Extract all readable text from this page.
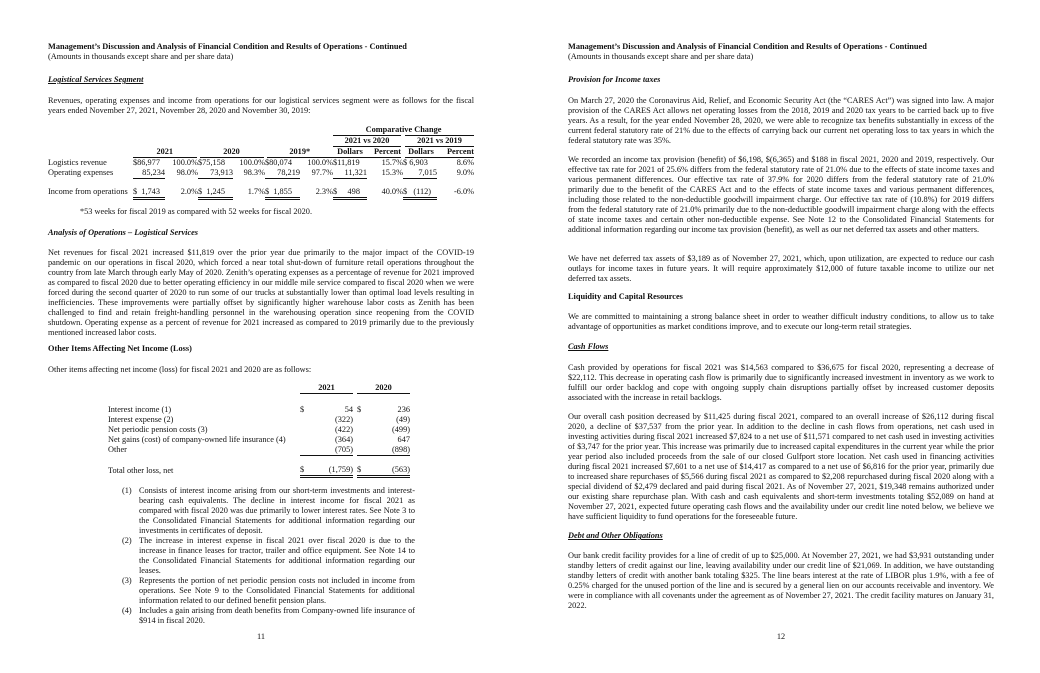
Management’s Discussion and Analysis of Financial Condition and Results of Operations - Continued
(Amounts in thousands except share and per share data)
Logistical Services Segment

Revenues, operating expenses and income from operations for our logistical services segment were as follows for the fiscal years ended November 27, 2021, November 28, 2020 and November 30, 2019:

							Comparative Change			
							2021 vs 2020		2021 vs 2019	
	2021		2020		2019*		Dollars	Percent	Dollars	Percent
Logistics revenue	$86,977	100.0%	$75,158	100.0%	$80,074	100.0%	$11,819	15.7%	$ 6,903	8.6%
Operating expenses	85,234	98.0%	73,913	98.3%	78,219	97.7%	11,321	15.3%	7,015	9.0%

Income from operations	$  1,743	2.0%	$  1,245	1.7%	$  1,855	2.3%	$     498	40.0%	$   (112)	-6.0%
*53 weeks for fiscal 2019 as compared with 52 weeks for fiscal 2020.
Analysis of Operations – Logistical Services

Net revenues for fiscal 2021 increased $11,819 over the prior year due primarily to the major impact of the COVID-19 pandemic on our operations in fiscal 2020, which forced a near total shut-down of furniture retail operations throughout the country from late March through early May of 2020. Zenith’s operating expenses as a percentage of revenue for 2021 improved as compared to fiscal 2020 due to better operating efficiency in our middle mile service compared to fiscal 2020 when we were forced during the second quarter of 2020 to run some of our trucks at substantially lower than optimal load levels resulting in inefficiencies. These improvements were partially offset by significantly higher warehouse labor costs as Zenith has been challenged to find and retain freight-handling personnel in the warehousing operation since reopening from the COVID shutdown. Operating expense as a percent of revenue for 2021 increased as compared to 2019 primarily due to the previously mentioned increased labor costs.

Other Items Affecting Net Income (Loss)
Other items affecting net income (loss) for fiscal 2021 and 2020 are as follows:
	2021			2020	

Interest income (1)	$	54		$	236
Interest expense (2)		(322)			(49)
Net periodic pension costs (3)		(422)			(499)
Net gains (cost) of company-owned life insurance (4)		(364)			647
Other		(705)			(898)

Total other loss, net	$	(1,759)		$	(563)
(1) Consists of interest income arising from our short-term investments and interest-bearing cash equivalents. The decline in interest income for fiscal 2021 as compared with fiscal 2020 was due primarily to lower interest rates. See Note 3 to the Consolidated Financial Statements for additional information regarding our investments in certificates of deposit.

(2) The increase in interest expense in fiscal 2021 over fiscal 2020 is due to the increase in finance leases for tractor, trailer and office equipment. See Note 14 to the Consolidated Financial Statements for additional information regarding our leases.

(3) Represents the portion of net periodic pension costs not included in income from operations. See Note 9 to the Consolidated Financial Statements for additional information related to our defined benefit pension plans.

(4) Includes a gain arising from death benefits from Company-owned life insurance of $914 in fiscal 2020.

11
Management’s Discussion and Analysis of Financial Condition and Results of Operations - Continued
(Amounts in thousands except share and per share data)
Provision for Income taxes

On March 27, 2020 the Coronavirus Aid, Relief, and Economic Security Act (the “CARES Act”) was signed into law. A major provision of the CARES Act allows net operating losses from the 2018, 2019 and 2020 tax years to be carried back up to five years. As a result, for the year ended November 28, 2020, we were able to recognize tax benefits substantially in excess of the current federal statutory rate of 21% due to the effects of carrying back our current net operating loss to tax years in which the federal statutory rate was 35%.

We recorded an income tax provision (benefit) of $6,198, $(6,365) and $188 in fiscal 2021, 2020 and 2019, respectively. Our effective tax rate for 2021 of 25.6% differs from the federal statutory rate of 21.0% due to the effects of state income taxes and various permanent differences. Our effective tax rate of 37.9% for 2020 differs from the federal statutory rate of 21.0% primarily due to the benefit of the CARES Act and to the effects of state income taxes and various permanent differences, including those related to the non-deductible goodwill impairment charge. Our effective tax rate of (10.8%) for 2019 differs from the federal statutory rate of 21.0% primarily due to the non-deductible goodwill impairment charge along with the effects of state income taxes and certain other non-deductible expense. See Note 12 to the Consolidated Financial Statements for additional information regarding our income tax provision (benefit), as well as our net deferred tax assets and other matters.

We have net deferred tax assets of $3,189 as of November 27, 2021, which, upon utilization, are expected to reduce our cash outlays for income taxes in future years. It will require approximately $12,000 of future taxable income to utilize our net deferred tax assets.

Liquidity and Capital Resources

We are committed to maintaining a strong balance sheet in order to weather difficult industry conditions, to allow us to take advantage of opportunities as market conditions improve, and to execute our long-term retail strategies.

Cash Flows

Cash provided by operations for fiscal 2021 was $14,563 compared to $36,675 for fiscal 2020, representing a decrease of $22,112. This decrease in operating cash flow is primarily due to significantly increased investment in inventory as we work to fulfill our order backlog and cope with ongoing supply chain disruptions partially offset by increased customer deposits associated with the increase in retail backlogs.

Our overall cash position decreased by $11,425 during fiscal 2021, compared to an overall increase of $26,112 during fiscal 2020, a decline of $37,537 from the prior year. In addition to the decline in cash flows from operations, net cash used in investing activities during fiscal 2021 increased $7,824 to a net use of $11,571 compared to net cash used in investing activities of $3,747 for the prior year. This increase was primarily due to increased capital expenditures in the current year while the prior year period also included proceeds from the sale of our closed Gulfport store location. Net cash used in financing activities during fiscal 2021 increased $7,601 to a net use of $14,417 as compared to a net use of $6,816 for the prior year, primarily due to increased share repurchases of $5,566 during fiscal 2021 as compared to $2,208 repurchased during fiscal 2020 along with a special dividend of $2,479 declared and paid during fiscal 2021. As of November 27, 2021, $19,348 remains authorized under our existing share repurchase plan. With cash and cash equivalents and short-term investments totaling $52,089 on hand at November 27, 2021, expected future operating cash flows and the availability under our credit line noted below, we believe we have sufficient liquidity to fund operations for the foreseeable future.

Debt and Other Obligations

Our bank credit facility provides for a line of credit of up to $25,000. At November 27, 2021, we had $3,931 outstanding under standby letters of credit against our line, leaving availability under our credit line of $21,069. In addition, we have outstanding standby letters of credit with another bank totaling $325. The line bears interest at the rate of LIBOR plus 1.9%, with a fee of 0.25% charged for the unused portion of the line and is secured by a general lien on our accounts receivable and inventory. We were in compliance with all covenants under the agreement as of November 27, 2021. The credit facility matures on January 31, 2022.

12
